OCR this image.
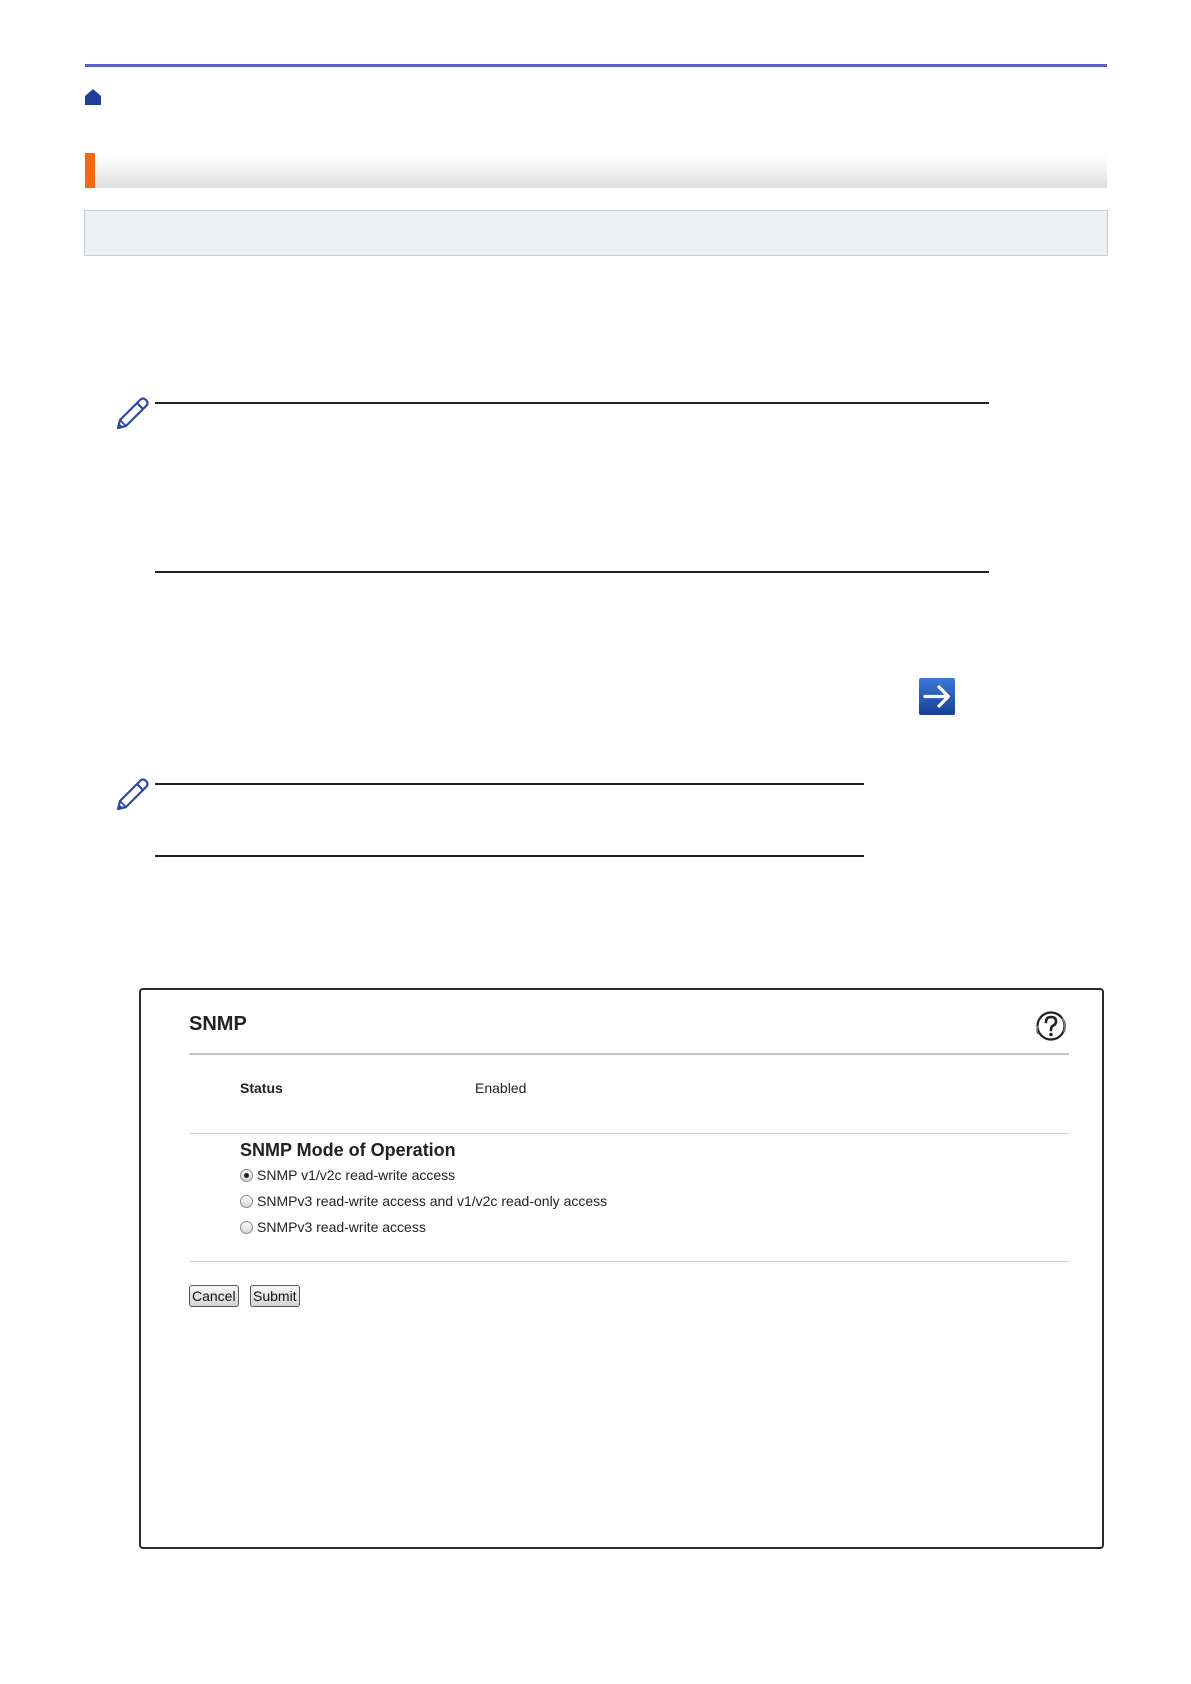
SNMP
Status	Enabled
SNMP Mode of Operation
SNMP v1/v2c read-write access
SNMPv3 read-write access and v1/v2c read-only access
SNMPv3 read-write access
Cancel Submit
